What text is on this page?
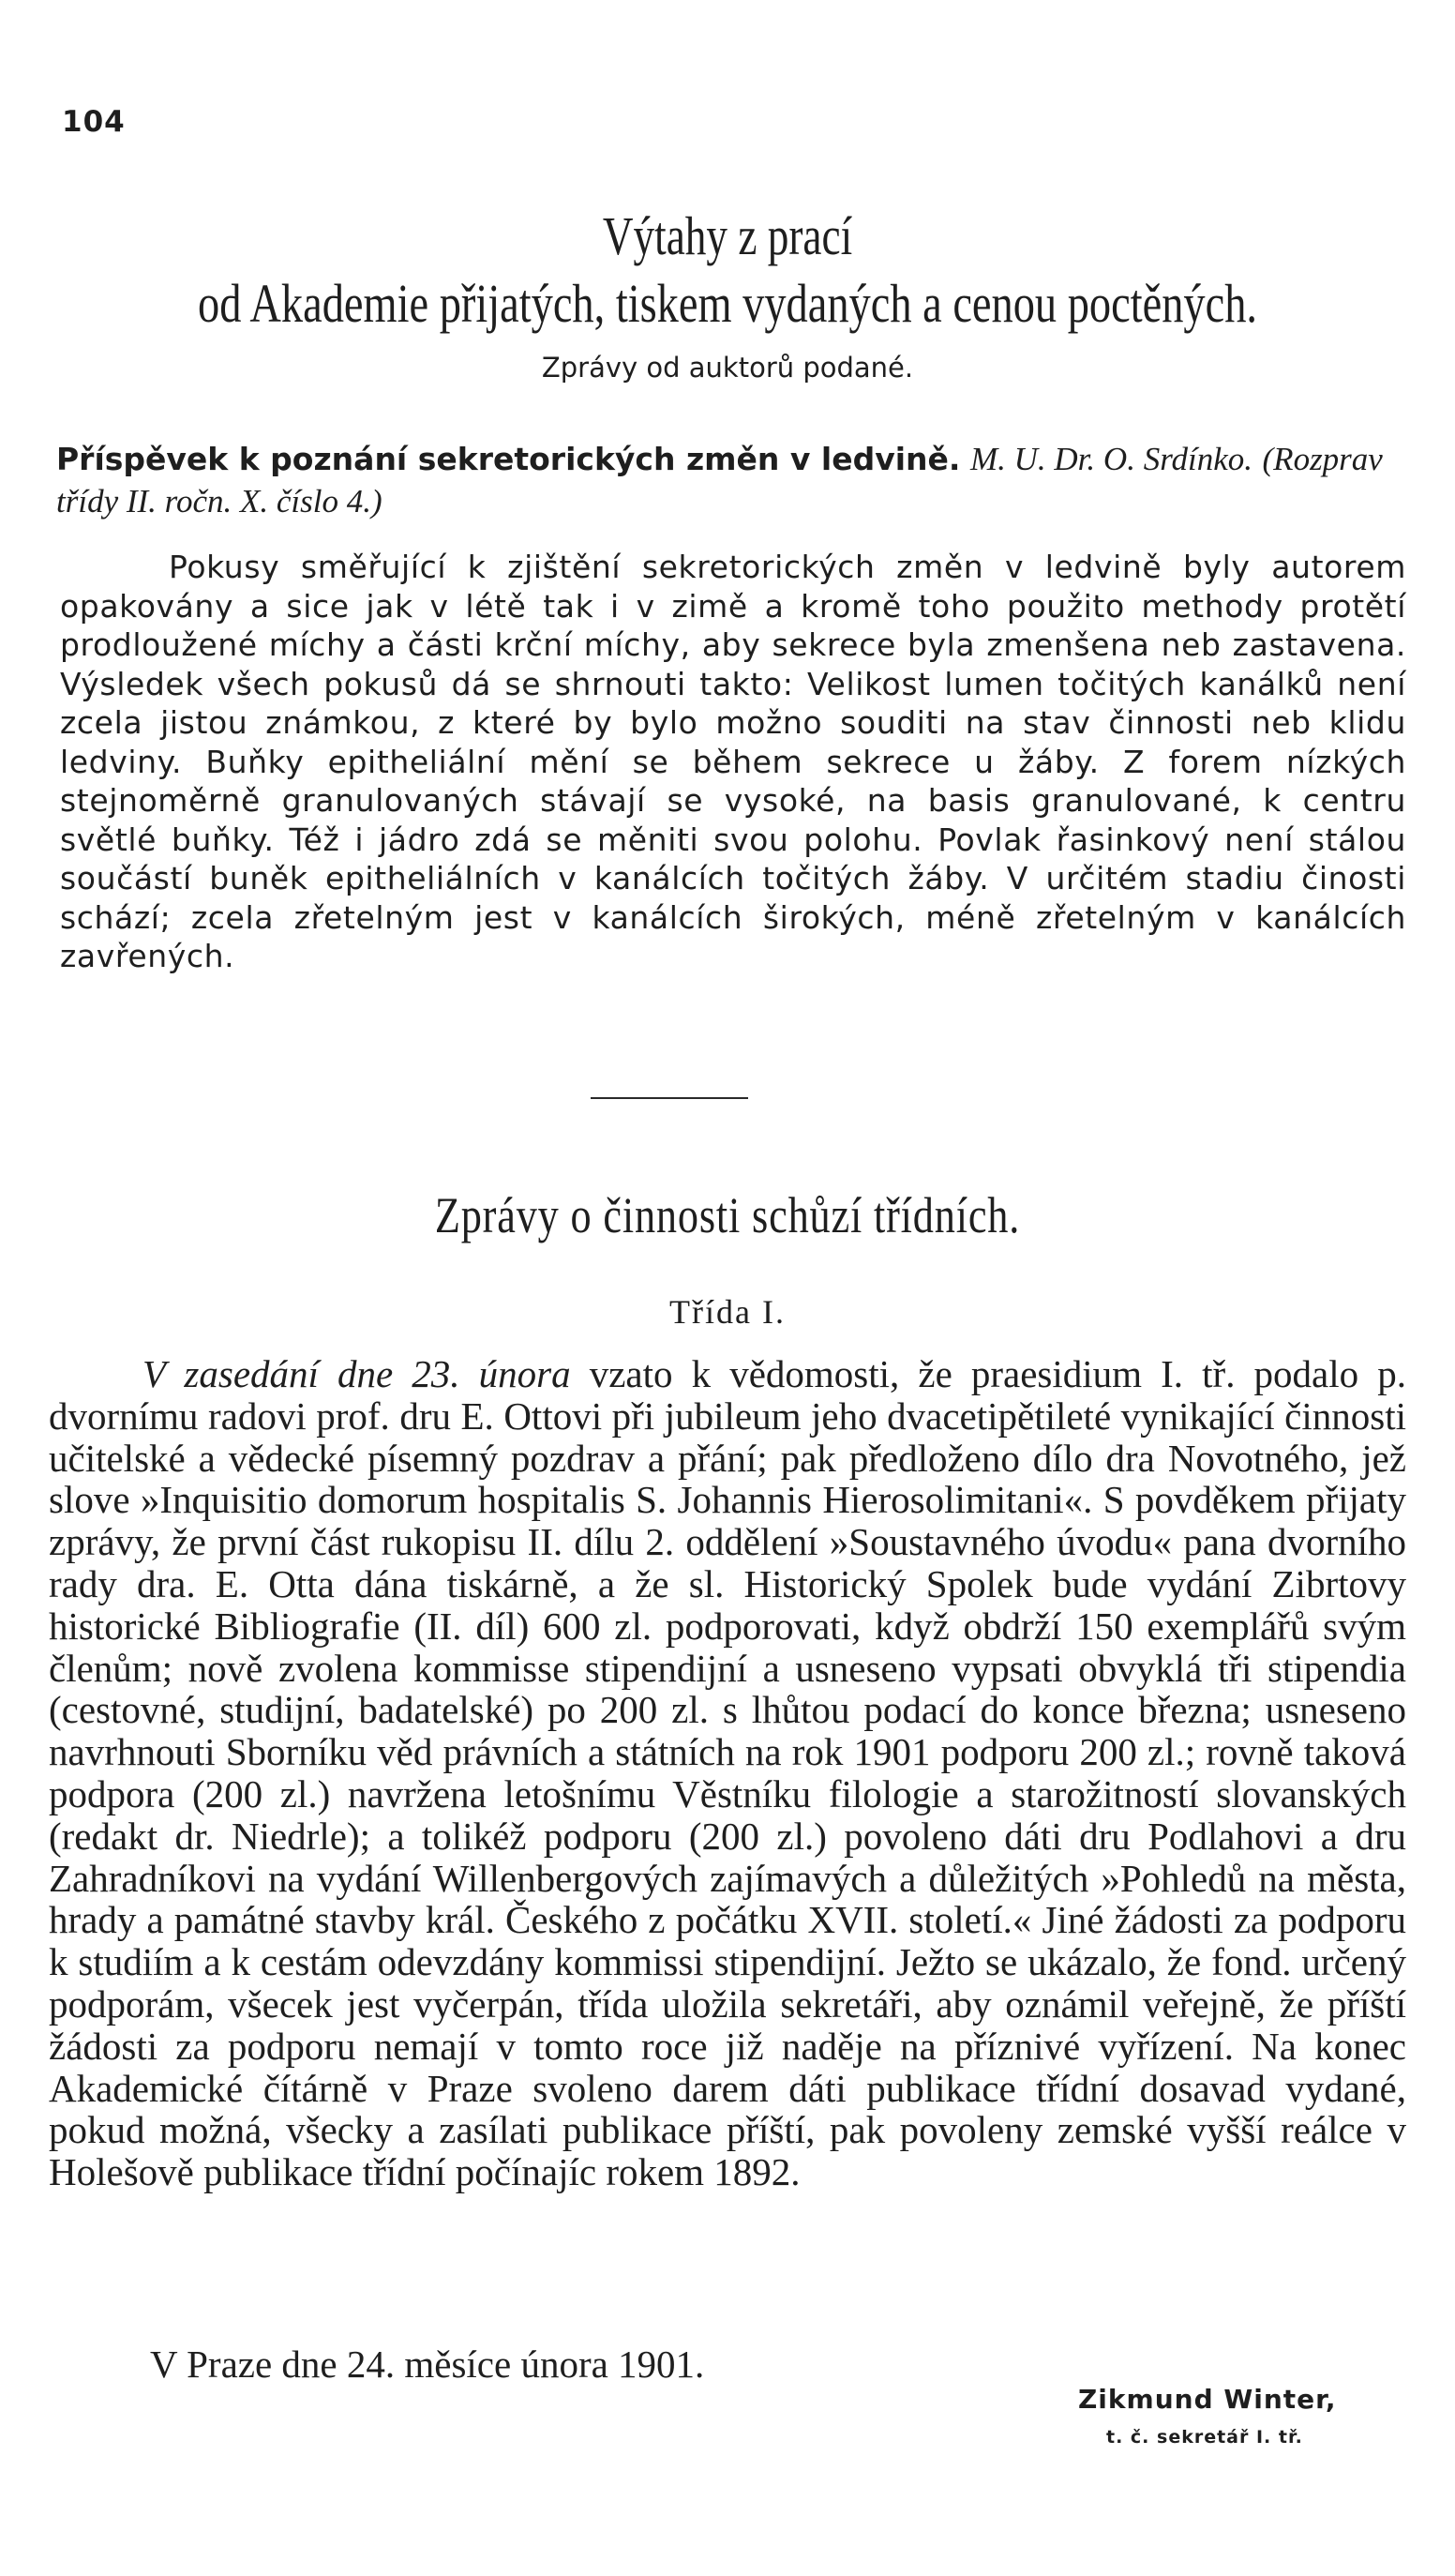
104
Výtahy z prací
od Akademie přijatých, tiskem vydaných a cenou poctěných.
Zprávy od auktorů podané.
Příspěvek k poznání sekretorických změn v ledvině. M. U. Dr. O. Srdínko. (Rozprav třídy II. ročn. X. číslo 4.)
Pokusy směřující k zjištění sekretorických změn v ledvině byly autorem opakovány a sice jak v létě tak i v zimě a kromě toho použito methody protětí prodloužené míchy a části krční míchy, aby sekrece byla zmenšena neb zastavena. Výsledek všech pokusů dá se shrnouti takto: Velikost lumen točitých kanálků není zcela jistou známkou, z které by bylo možno souditi na stav činnosti neb klidu ledviny. Buňky epitheliální mění se během sekrece u žáby. Z forem nízkých stejnoměrně granulovaných stávají se vysoké, na basis granulované, k centru světlé buňky. Též i jádro zdá se měniti svou polohu. Povlak řasinkový není stálou součástí buněk epitheliálních v kanálcích točitých žáby. V určitém stadiu činosti schází; zcela zřetelným jest v kanálcích širokých, méně zřetelným v kanálcích zavřených.
Zprávy o činnosti schůzí třídních.
Třída I.
V zasedání dne 23. února vzato k vědomosti, že praesidium I. tř. podalo p. dvornímu radovi prof. dru E. Ottovi při jubileum jeho dvacetipětileté vynikající činnosti učitelské a vědecké písemný pozdrav a přání; pak předloženo dílo dra Novotného, jež slove »Inquisitio domorum hospitalis S. Johannis Hierosolimitani«. S povděkem přijaty zprávy, že první část rukopisu II. dílu 2. oddělení »Soustavného úvodu« pana dvorního rady dra. E. Otta dána tiskárně, a že sl. Historický Spolek bude vydání Zibrtovy historické Bibliografie (II. díl) 600 zl. podporovati, když obdrží 150 exemplářů svým členům; nově zvolena kommisse stipendijní a usneseno vypsati obvyklá tři stipendia (cestovné, studijní, badatelské) po 200 zl. s lhůtou podací do konce března; usneseno navrhnouti Sborníku věd právních a státních na rok 1901 podporu 200 zl.; rovně taková podpora (200 zl.) navržena letošnímu Věstníku filologie a starožitností slovanských (redakt dr. Niedrle); a tolikéž podporu (200 zl.) povoleno dáti dru Podlahovi a dru Zahradníkovi na vydání Willenbergových zajímavých a důležitých »Pohledů na města, hrady a památné stavby král. Českého z počátku XVII. století.« Jiné žádosti za podporu k studiím a k cestám odevzdány kommissi stipendijní. Ježto se ukázalo, že fond. určený podporám, všecek jest vyčerpán, třída uložila sekretáři, aby oznámil veřejně, že příští žádosti za podporu nemají v tomto roce již naděje na příznivé vyřízení. Na konec Akademické čítárně v Praze svoleno darem dáti publikace třídní dosavad vydané, pokud možná, všecky a zasílati publikace příští, pak povoleny zemské vyšší reálce v Holešově publikace třídní počínajíc rokem 1892.
V Praze dne 24. měsíce února 1901.
Zikmund Winter,
t. č. sekretář I. tř.
